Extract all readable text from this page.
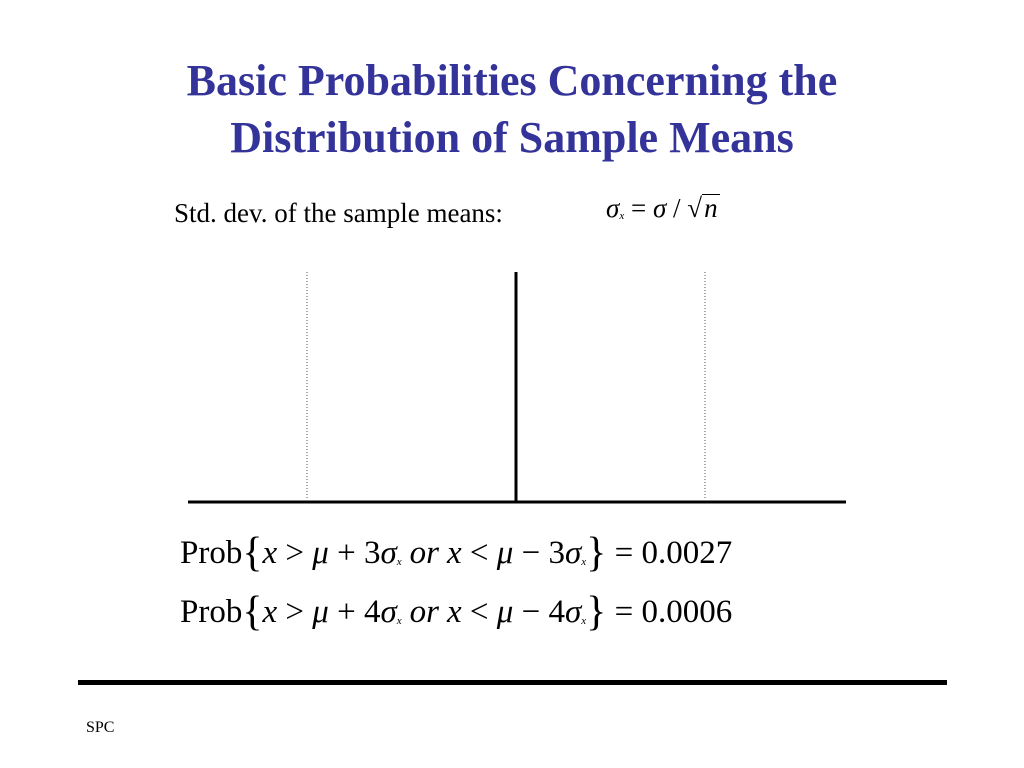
Basic Probabilities Concerning the
Distribution of Sample Means
Std. dev. of the sample means:	σx = σ / √n
Prob{x > μ + 3σx or x < μ − 3σx} = 0.0027
Prob{x > μ + 4σx or x < μ − 4σx} = 0.0006
SPC
